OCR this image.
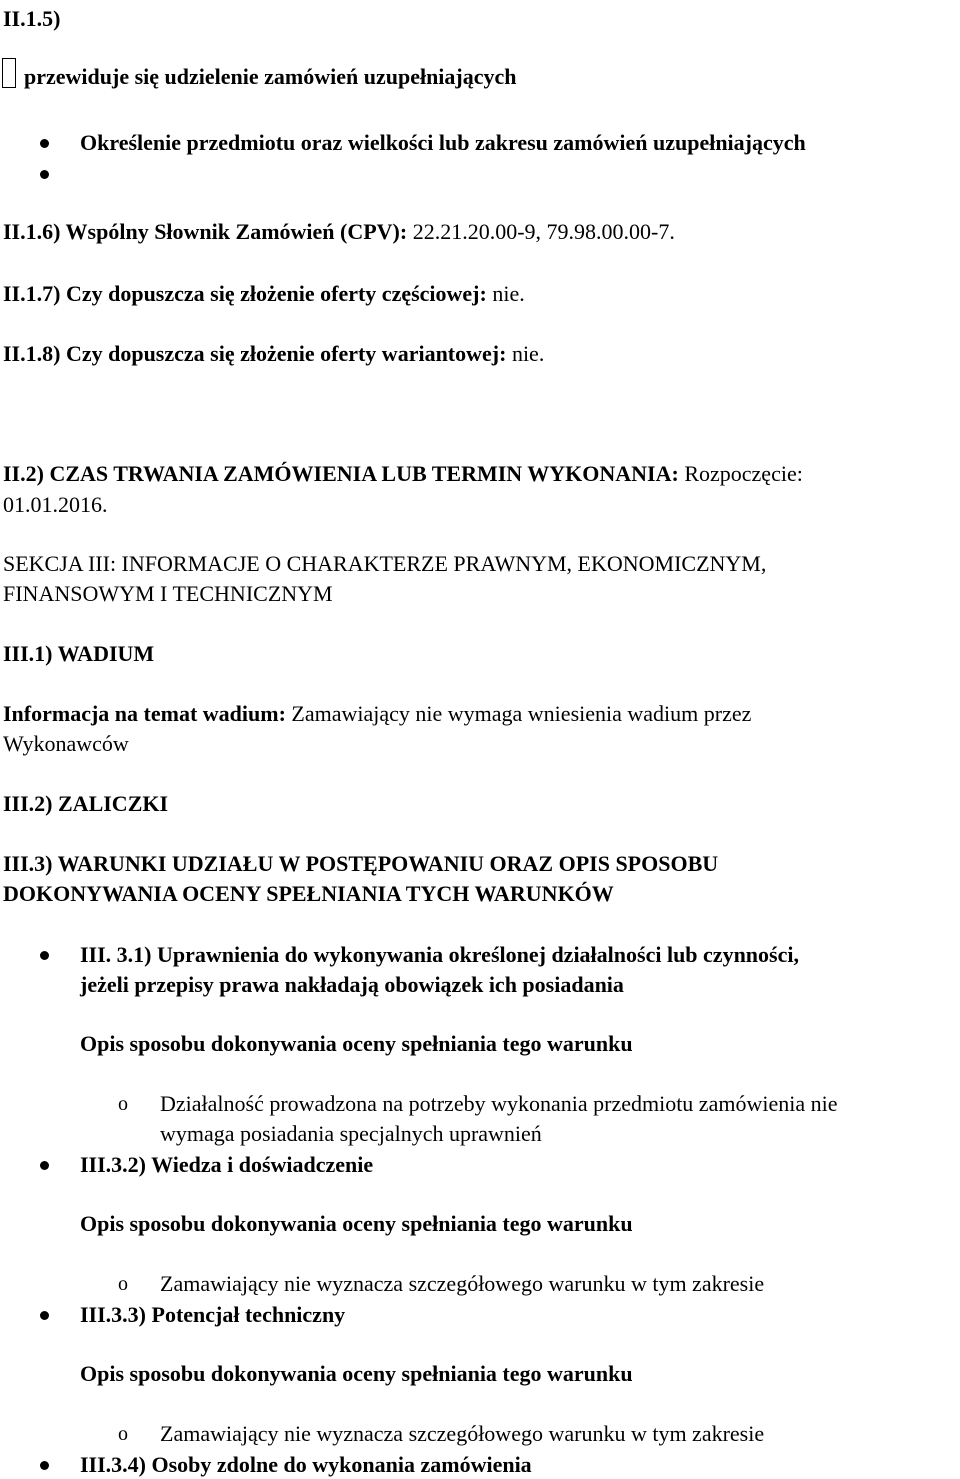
II.1.5)
przewiduje się udzielenie zamówień uzupełniających
Określenie przedmiotu oraz wielkości lub zakresu zamówień uzupełniających
II.1.6) Wspólny Słownik Zamówień (CPV): 22.21.20.00-9, 79.98.00.00-7.
II.1.7) Czy dopuszcza się złożenie oferty częściowej: nie.
II.1.8) Czy dopuszcza się złożenie oferty wariantowej: nie.
II.2) CZAS TRWANIA ZAMÓWIENIA LUB TERMIN WYKONANIA: Rozpoczęcie:
01.01.2016.
SEKCJA III: INFORMACJE O CHARAKTERZE PRAWNYM, EKONOMICZNYM,
FINANSOWYM I TECHNICZNYM
III.1) WADIUM
Informacja na temat wadium: Zamawiający nie wymaga wniesienia wadium przez
Wykonawców
III.2) ZALICZKI
III.3) WARUNKI UDZIAŁU W POSTĘPOWANIU ORAZ OPIS SPOSOBU
DOKONYWANIA OCENY SPEŁNIANIA TYCH WARUNKÓW
III. 3.1) Uprawnienia do wykonywania określonej działalności lub czynności,
jeżeli przepisy prawa nakładają obowiązek ich posiadania
Opis sposobu dokonywania oceny spełniania tego warunku
o Działalność prowadzona na potrzeby wykonania przedmiotu zamówienia nie
wymaga posiadania specjalnych uprawnień
III.3.2) Wiedza i doświadczenie
Opis sposobu dokonywania oceny spełniania tego warunku
o Zamawiający nie wyznacza szczegółowego warunku w tym zakresie
III.3.3) Potencjał techniczny
Opis sposobu dokonywania oceny spełniania tego warunku
o Zamawiający nie wyznacza szczegółowego warunku w tym zakresie
III.3.4) Osoby zdolne do wykonania zamówienia
